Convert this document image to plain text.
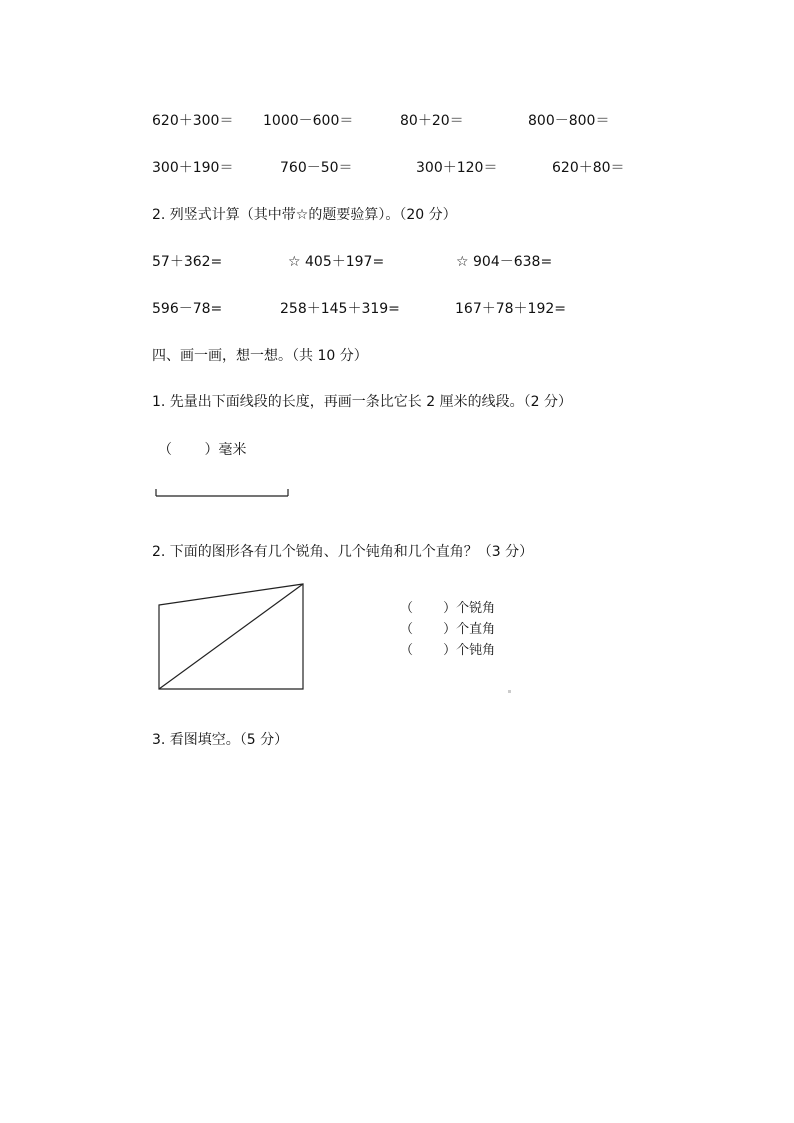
620＋300＝ 1000－600＝	80＋20＝	800－800＝
300＋190＝	760－50＝	300＋120＝	620＋80＝
2. 列竖式计算（其中带☆的题要验算）。（20 分）
57＋362=	☆ 405＋197=	☆ 904－638=
596－78=	258＋145＋319=	167＋78＋192=
四、画一画，想一想。（共 10 分）
1. 先量出下面线段的长度，再画一条比它长 2 厘米的线段。（2 分）
（　　 ）毫米
2. 下面的图形各有几个锐角、几个钝角和几个直角？（3 分）
（　　 ）个锐角
（　　 ）个直角
（　　 ）个钝角
3. 看图填空。（5 分）
